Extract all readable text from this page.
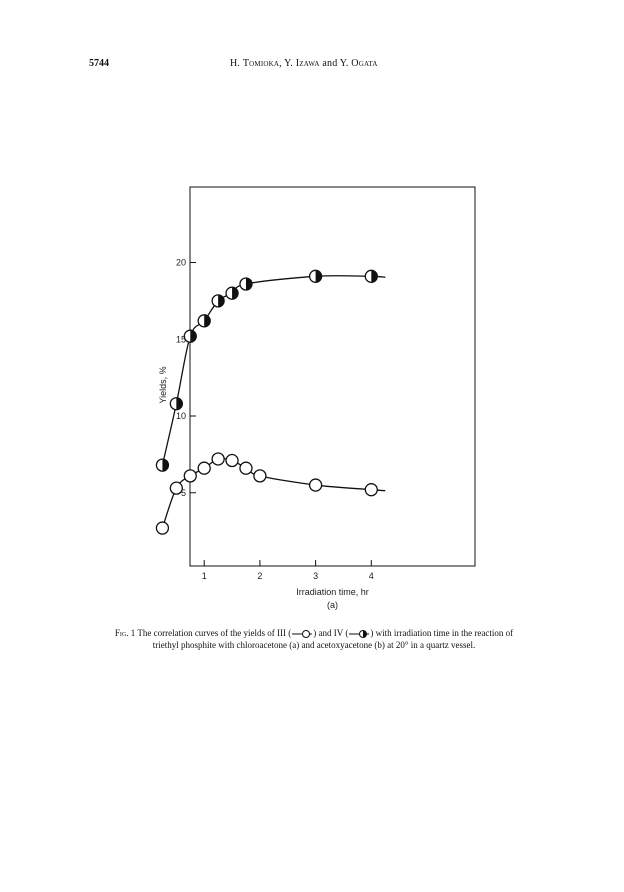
5744	H. Tomioka, Y. Izawa and Y. Ogata
5
10
15
20
1	2	3	4
Irradiation time, hr
(a)
Yields, %
Fig. 1 The correlation curves of the yields of III ( ) and IV ( ) with irradiation time in the reaction of triethyl phosphite with chloroacetone (a) and acetoxyacetone (b) at 20° in a quartz vessel.
